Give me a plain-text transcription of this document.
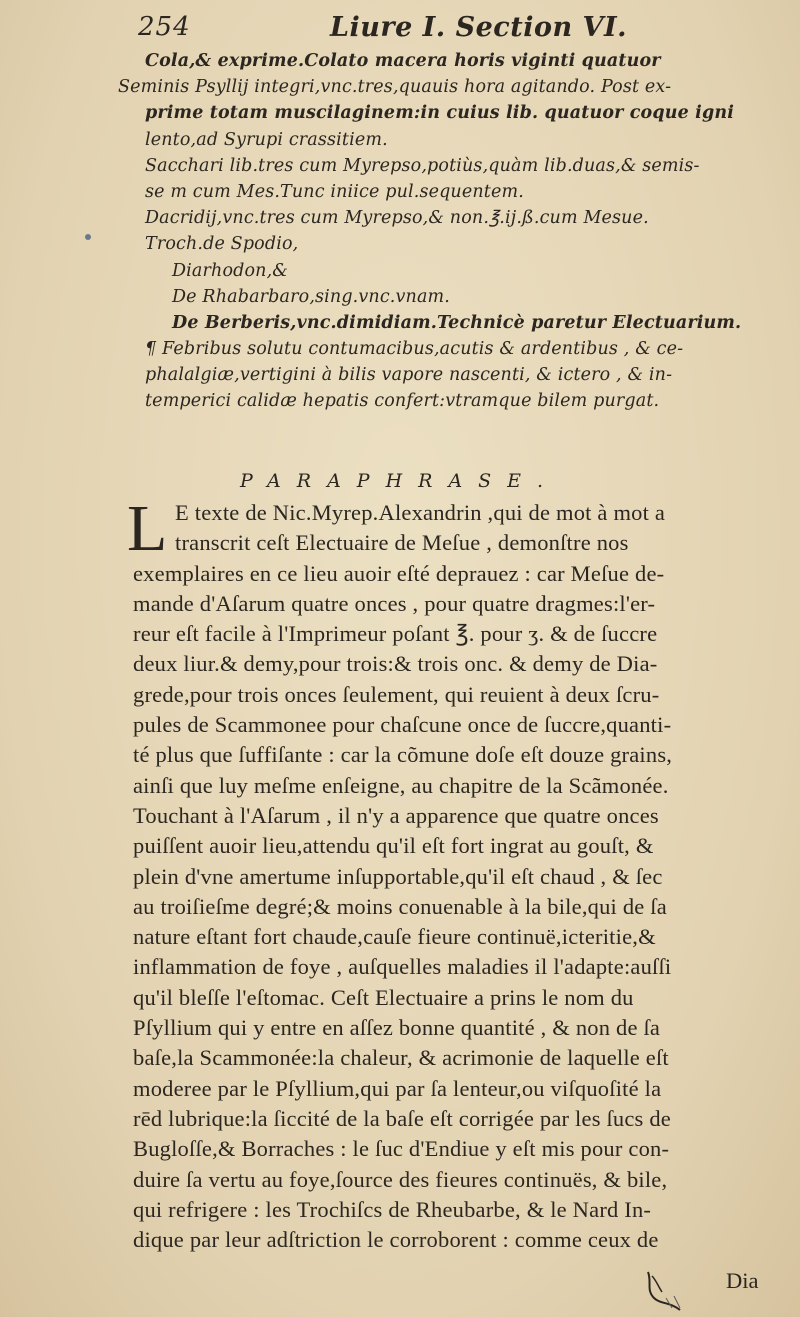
254	Liure I. Section VI.
Cola,& exprime.Colato macera horis viginti quatuor
Seminis Psyllij integri,vnc.tres,quauis hora agitando. Post ex-
prime totam muscilaginem:in cuius lib. quatuor coque igni
lento,ad Syrupi crassitiem.
Sacchari lib.tres cum Myrepso,potiùs,quàm lib.duas,& semis-
se m cum Mes.Tunc iniice pul.sequentem.
Dacridij,vnc.tres cum Myrepso,& non.℥.ij.ß.cum Mesue.
Troch.de Spodio,
Diarhodon,&
De Rhabarbaro,sing.vnc.vnam.
De Berberis,vnc.dimidiam.Technicè paretur Electuarium.
¶ Febribus solutu contumacibus,acutis & ardentibus , & ce-
phalalgiæ,vertigini à bilis vapore nascenti, & ictero , & in-
temperici calidæ hepatis confert:vtramque bilem purgat.
PARAPHRASE.
L E texte de Nic.Myrep.Alexandrin ,qui de mot à mot a
transcrit ceſt Electuaire de Meſue , demonſtre nos
exemplaires en ce lieu auoir eſté deprauez : car Meſue de-
mande d'Aſarum quatre onces , pour quatre dragmes:l'er-
reur eſt facile à l'Imprimeur poſant ℥. pour ʒ. & de ſuccre
deux liur.& demy,pour trois:& trois onc. & demy de Dia-
grede,pour trois onces ſeulement, qui reuient à deux ſcru-
pules de Scammonee pour chaſcune once de ſuccre,quanti-
té plus que ſuffiſante : car la cõmune doſe eſt douze grains,
ainſi que luy meſme enſeigne, au chapitre de la Scãmonée.
Touchant à l'Aſarum , il n'y a apparence que quatre onces
puiſſent auoir lieu,attendu qu'il eſt fort ingrat au gouſt, &
plein d'vne amertume inſupportable,qu'il eſt chaud , & ſec
au troiſieſme degré;& moins conuenable à la bile,qui de ſa
nature eſtant fort chaude,cauſe fieure continuë,icteritie,&
inflammation de foye , auſquelles maladies il l'adapte:auſſi
qu'il bleſſe l'eſtomac. Ceſt Electuaire a prins le nom du
Pſyllium qui y entre en aſſez bonne quantité , & non de ſa
baſe,la Scammonée:la chaleur, & acrimonie de laquelle eſt
moderee par le Pſyllium,qui par ſa lenteur,ou viſquoſité la
rēd lubrique:la ſiccité de la baſe eſt corrigée par les ſucs de
Bugloſſe,& Borraches : le ſuc d'Endiue y eſt mis pour con-
duire ſa vertu au foye,ſource des fieures continuës, & bile,
qui refrigere : les Trochiſcs de Rheubarbe, & le Nard In-
dique par leur adſtriction le corroborent : comme ceux de
Dia
